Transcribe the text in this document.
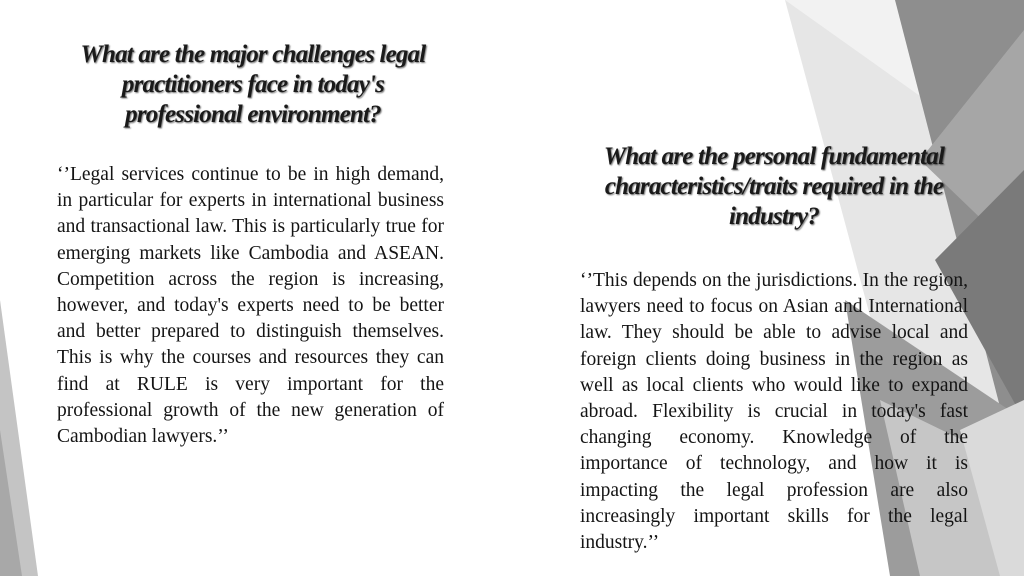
What are the major challenges legal practitioners face in today's professional environment?

‘’Legal services continue to be in high demand, in particular for experts in international business and transactional law. This is particularly true for emerging markets like Cambodia and ASEAN. Competition across the region is increasing, however, and today's experts need to be better and better prepared to distinguish themselves. This is why the courses and resources they can find at RULE is very important for the professional growth of the new generation of Cambodian lawyers.’’

What are the personal fundamental characteristics/traits required in the industry?

‘’This depends on the jurisdictions. In the region, lawyers need to focus on Asian and International law. They should be able to advise local and foreign clients doing business in the region as well as local clients who would like to expand abroad. Flexibility is crucial in today's fast changing economy. Knowledge of the importance of technology, and how it is impacting the legal profession are also increasingly important skills for the legal industry.’’
